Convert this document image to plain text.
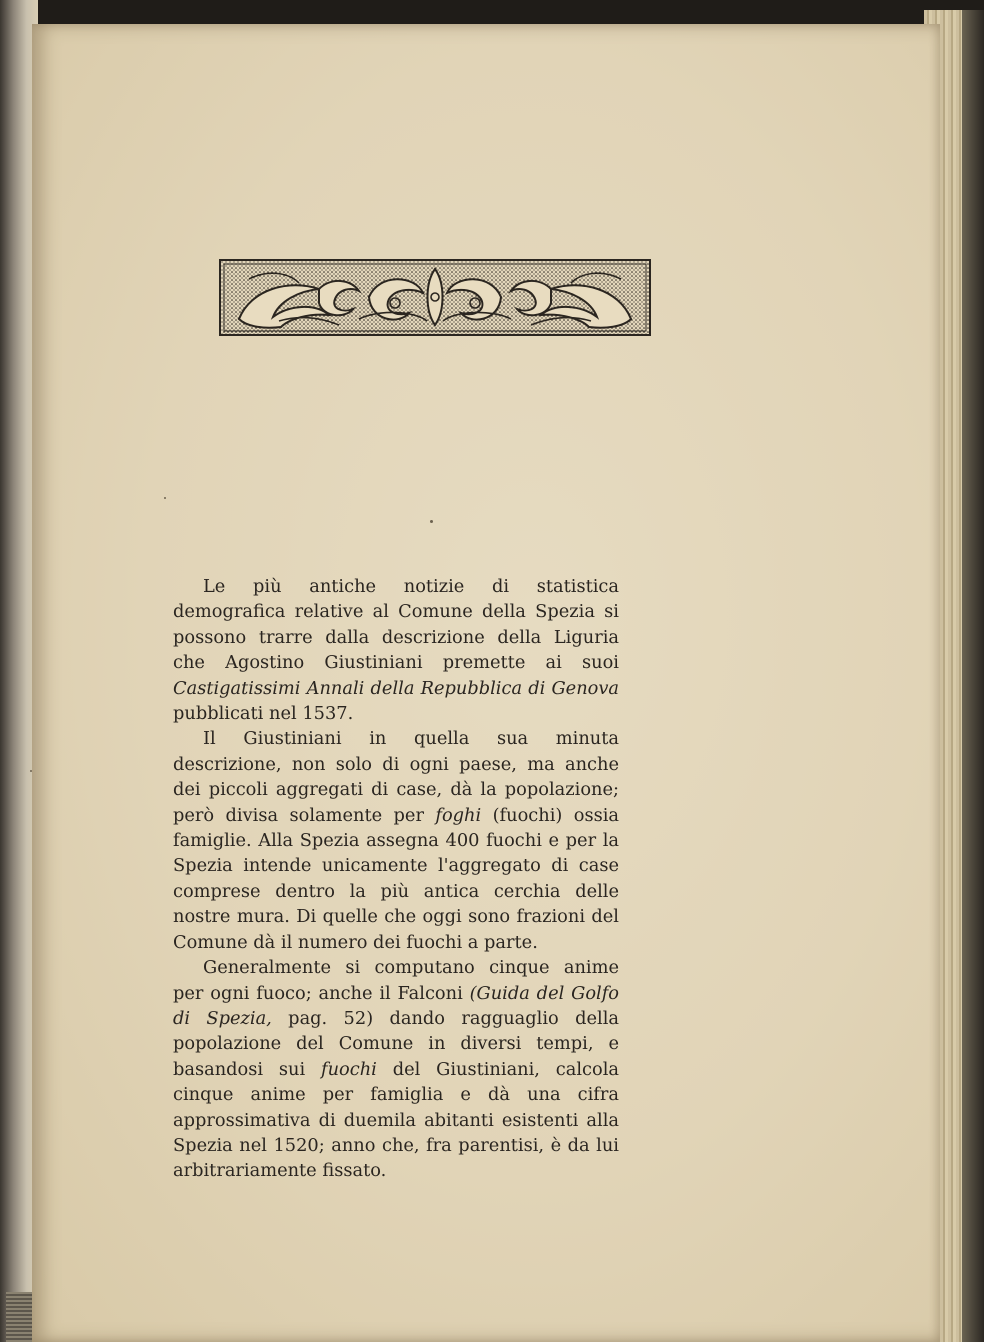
Le più antiche notizie di statistica demografica relative al Comune della Spezia si possono trarre dalla descrizione della Liguria che Agostino Giustiniani premette ai suoi Castigatissimi Annali della Repubblica di Genova pubblicati nel 1537.

Il Giustiniani in quella sua minuta descrizione, non solo di ogni paese, ma anche dei piccoli aggregati di case, dà la popolazione; però divisa solamente per foghi (fuochi) ossia famiglie. Alla Spezia assegna 400 fuochi e per la Spezia intende unicamente l'aggregato di case comprese dentro la più antica cerchia delle nostre mura. Di quelle che oggi sono frazioni del Comune dà il numero dei fuochi a parte.

Generalmente si computano cinque anime per ogni fuoco; anche il Falconi (Guida del Golfo di Spezia, pag. 52) dando ragguaglio della popolazione del Comune in diversi tempi, e basandosi sui fuochi del Giustiniani, calcola cinque anime per famiglia e dà una cifra approssimativa di duemila abitanti esistenti alla Spezia nel 1520; anno che, fra parentisi, è da lui arbitrariamente fissato.
